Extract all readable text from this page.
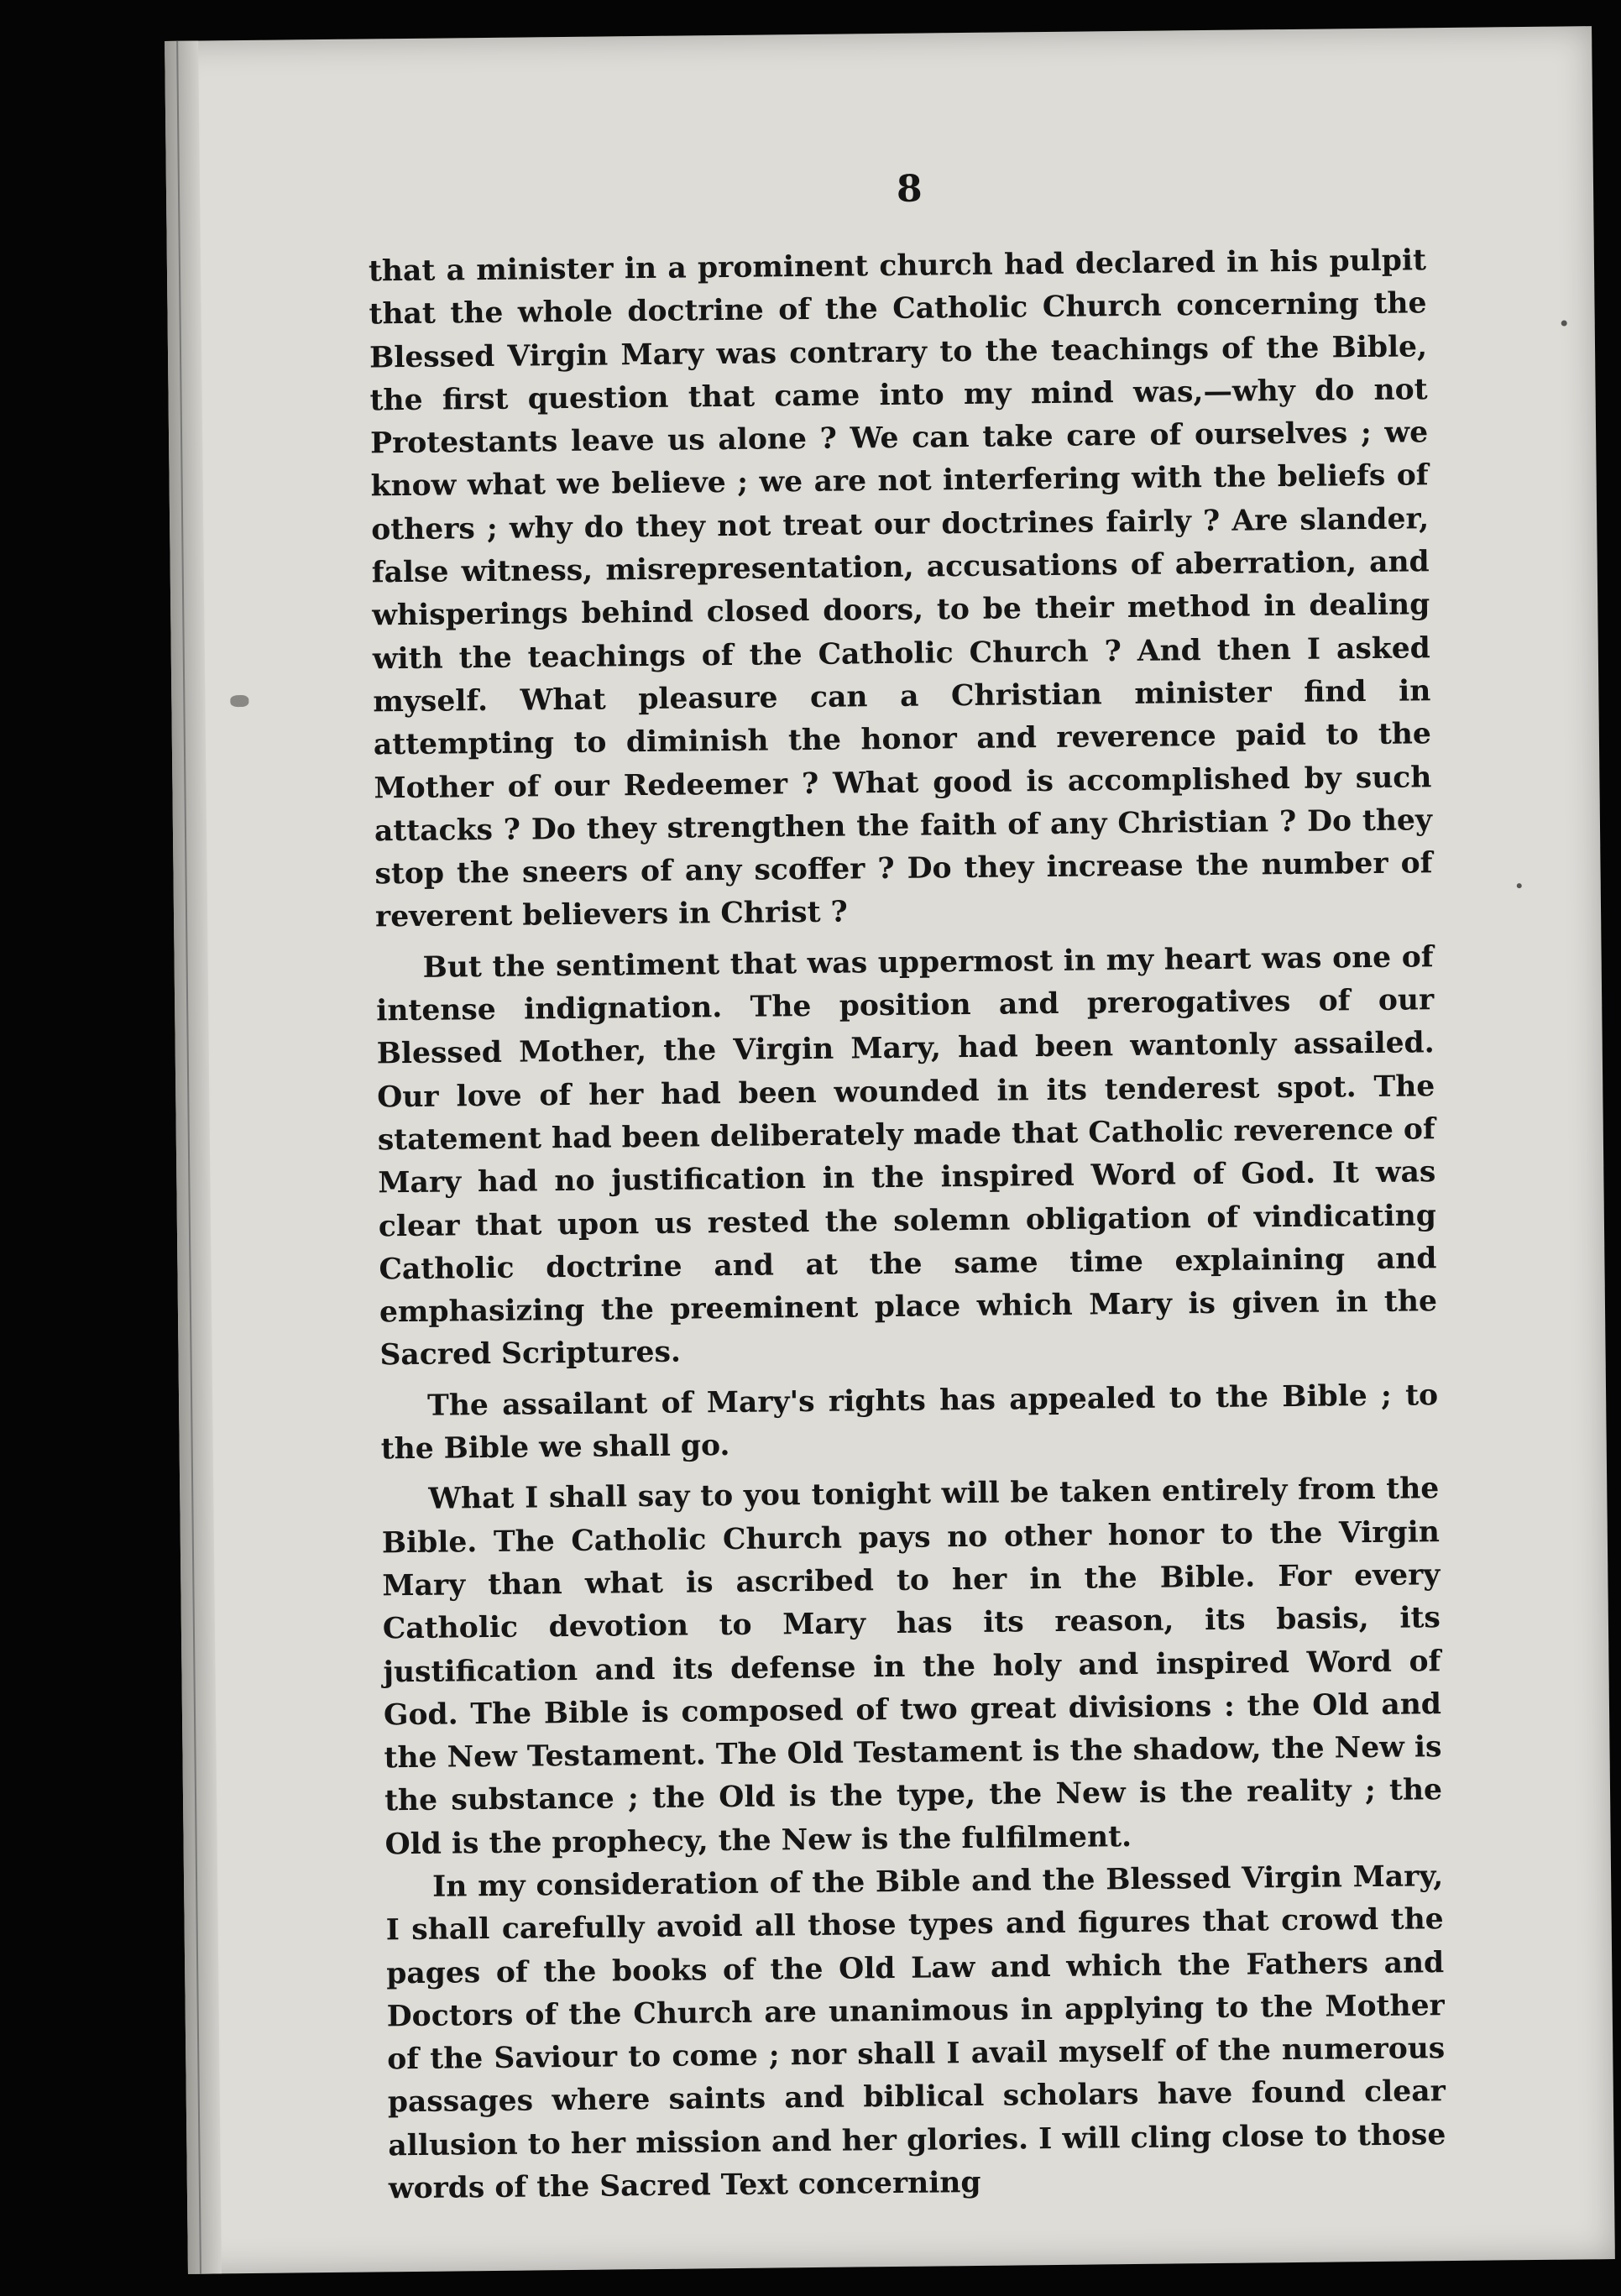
8

that a minister in a prominent church had declared in his pulpit that the whole doctrine of the Catholic Church concerning the Blessed Virgin Mary was contrary to the teachings of the Bible, the first question that came into my mind was,—why do not Protestants leave us alone ? We can take care of ourselves ; we know what we believe ; we are not interfering with the beliefs of others ; why do they not treat our doctrines fairly ? Are slander, false witness, misrepresentation, accusations of aberration, and whisperings behind closed doors, to be their method in dealing with the teachings of the Catholic Church ? And then I asked myself. What pleasure can a Christian minister find in attempting to diminish the honor and reverence paid to the Mother of our Redeemer ? What good is accomplished by such attacks ? Do they strengthen the faith of any Christian ? Do they stop the sneers of any scoffer ? Do they increase the number of reverent believers in Christ ?

But the sentiment that was uppermost in my heart was one of intense indignation. The position and prerogatives of our Blessed Mother, the Virgin Mary, had been wantonly assailed. Our love of her had been wounded in its tenderest spot. The statement had been deliberately made that Catholic reverence of Mary had no justification in the inspired Word of God. It was clear that upon us rested the solemn obligation of vindicating Catholic doctrine and at the same time explaining and emphasizing the preeminent place which Mary is given in the Sacred Scriptures.

The assailant of Mary's rights has appealed to the Bible ; to the Bible we shall go.

What I shall say to you tonight will be taken entirely from the Bible. The Catholic Church pays no other honor to the Virgin Mary than what is ascribed to her in the Bible. For every Catholic devotion to Mary has its reason, its basis, its justification and its defense in the holy and inspired Word of God. The Bible is composed of two great divisions : the Old and the New Testament. The Old Testament is the shadow, the New is the substance ; the Old is the type, the New is the reality ; the Old is the prophecy, the New is the fulfilment.

In my consideration of the Bible and the Blessed Virgin Mary, I shall carefully avoid all those types and figures that crowd the pages of the books of the Old Law and which the Fathers and Doctors of the Church are unanimous in applying to the Mother of the Saviour to come ; nor shall I avail myself of the numerous passages where saints and biblical scholars have found clear allusion to her mission and her glories. I will cling close to those words of the Sacred Text concerning
